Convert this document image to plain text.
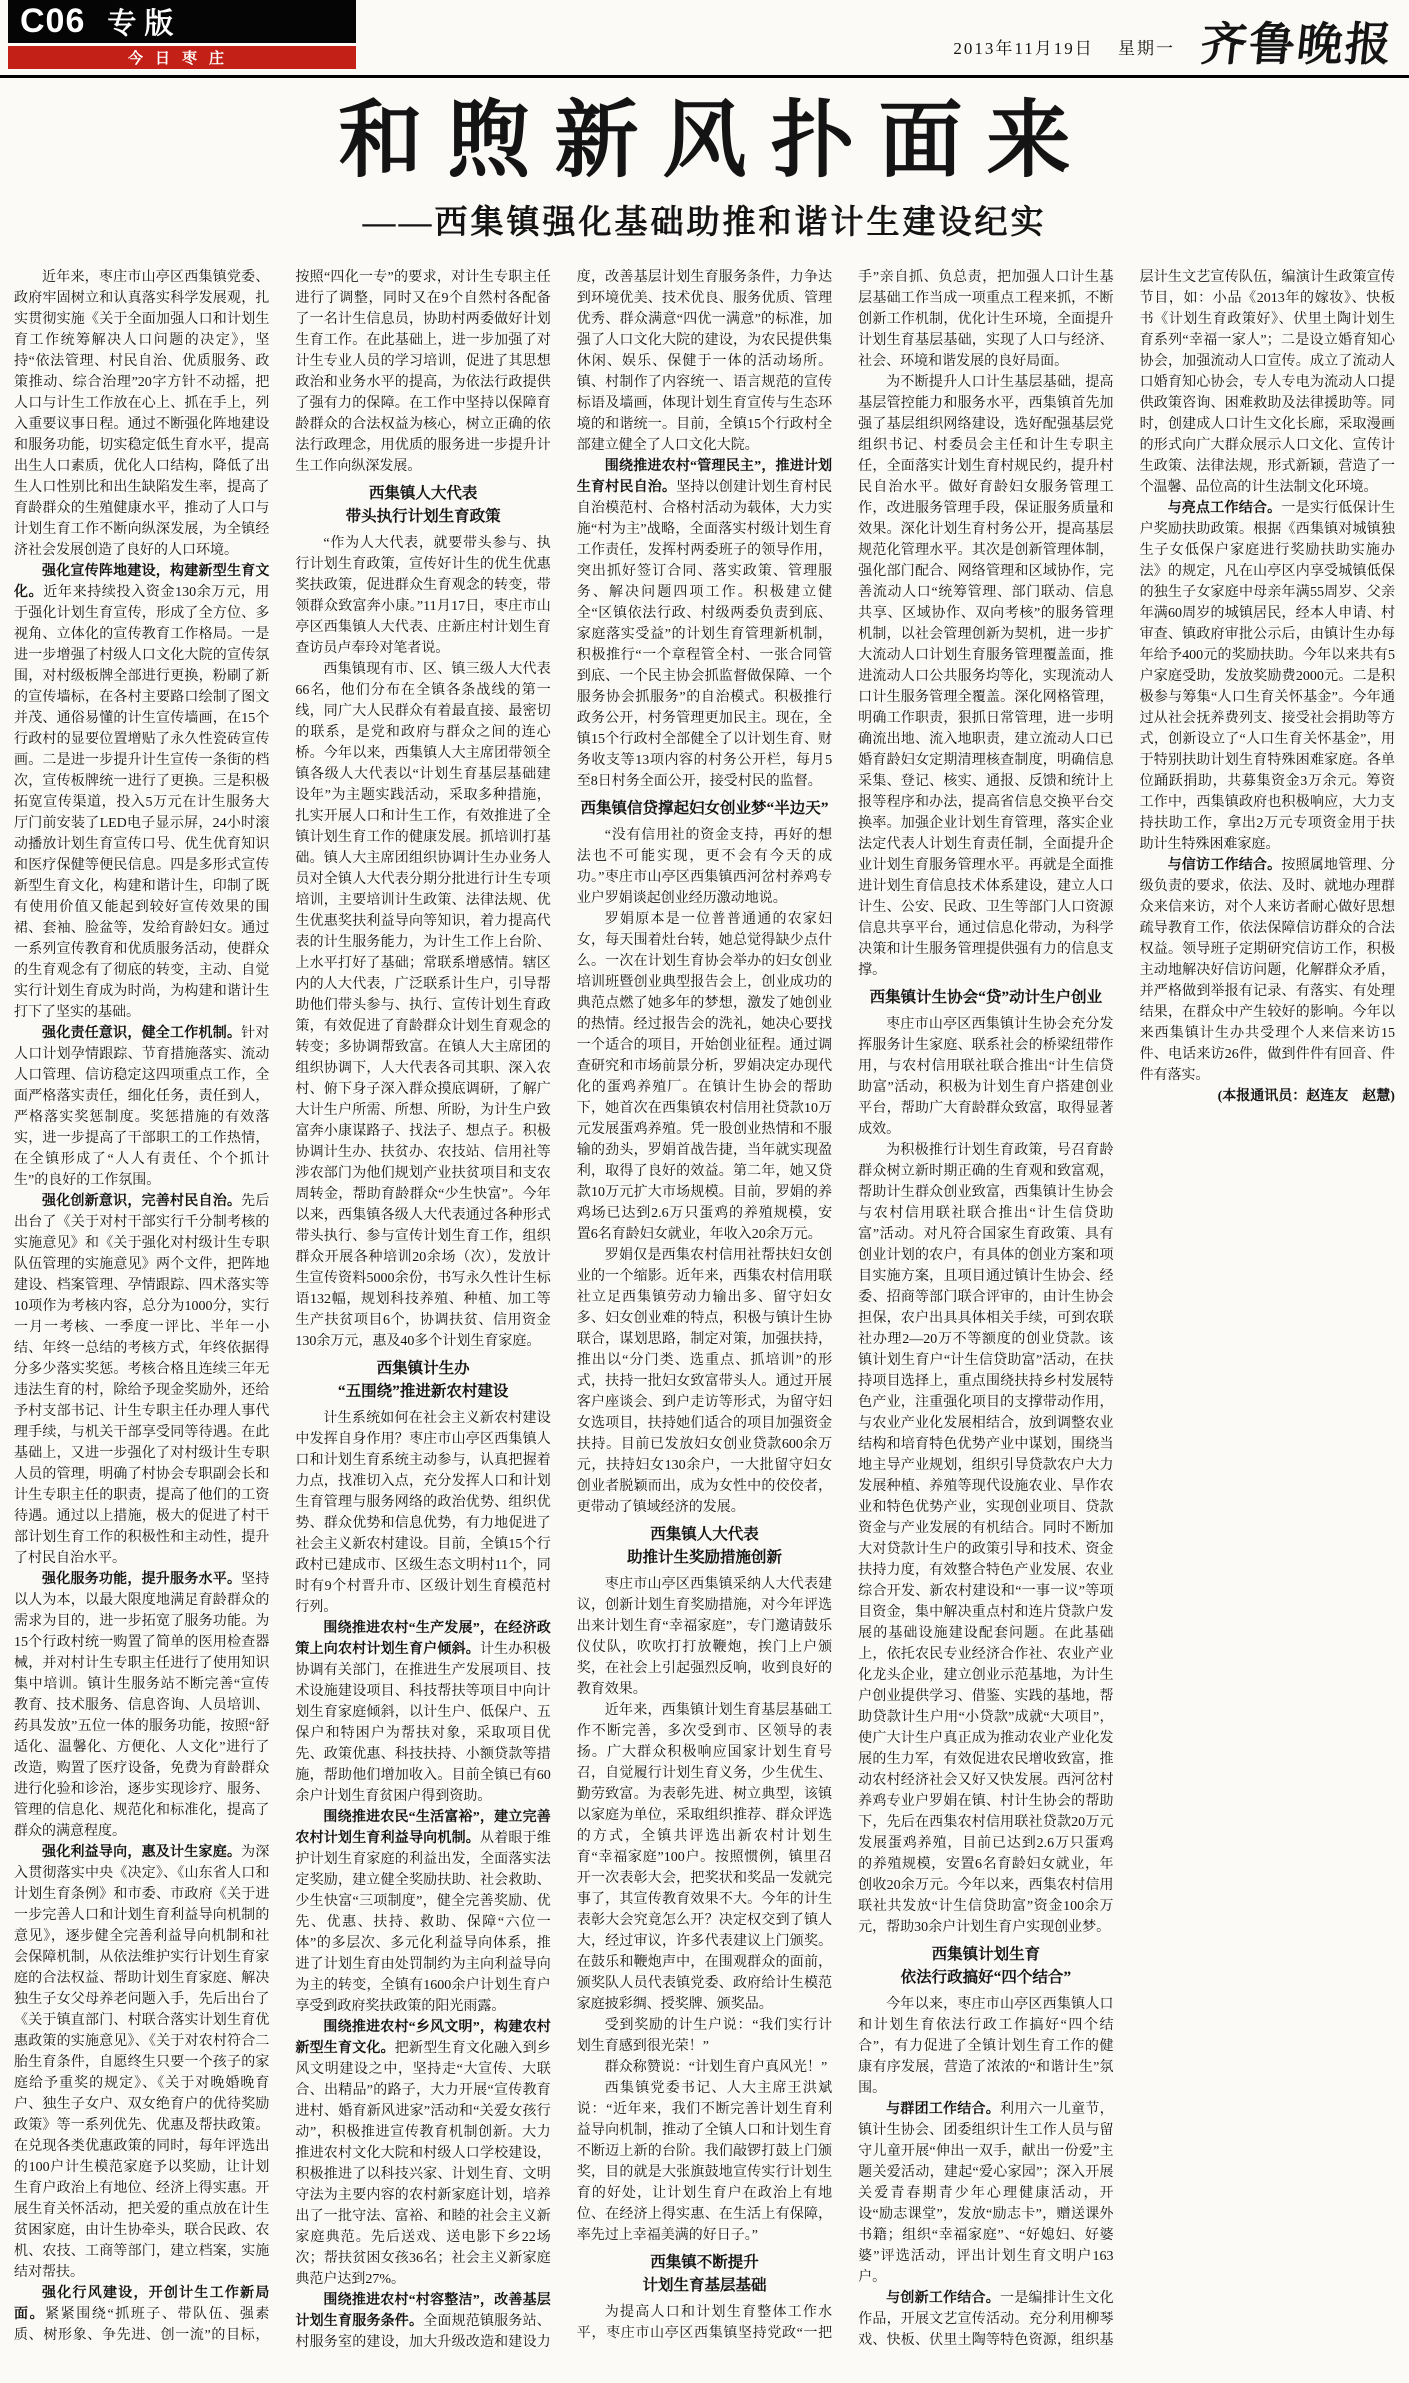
C06 专版
今日枣庄
2013年11月19日 星期一 齐鲁晚报
和煦新风扑面来
——西集镇强化基础助推和谐计生建设纪实

近年来，枣庄市山亭区西集镇党委、政府牢固树立和认真落实科学发展观，扎实贯彻实施《关于全面加强人口和计划生育工作统筹解决人口问题的决定》，坚持“依法管理、村民自治、优质服务、政策推动、综合治理”20字方针不动摇，把人口与计生工作放在心上、抓在手上，列入重要议事日程。通过不断强化阵地建设和服务功能，切实稳定低生育水平，提高出生人口素质，优化人口结构，降低了出生人口性别比和出生缺陷发生率，提高了育龄群众的生殖健康水平，推动了人口与计划生育工作不断向纵深发展，为全镇经济社会发展创造了良好的人口环境。

强化宣传阵地建设，构建新型生育文化。近年来持续投入资金130余万元，用于强化计划生育宣传，形成了全方位、多视角、立体化的宣传教育工作格局。一是进一步增强了村级人口文化大院的宣传氛围，对村级板牌全部进行更换，粉刷了新的宣传墙标，在各村主要路口绘制了图文并茂、通俗易懂的计生宣传墙画，在15个行政村的显要位置增贴了永久性瓷砖宣传画。二是进一步提升计生宣传一条街的档次，宣传板牌统一进行了更换。三是积极拓宽宣传渠道，投入5万元在计生服务大厅门前安装了LED电子显示屏，24小时滚动播放计划生育宣传口号、优生优育知识和医疗保健等便民信息。四是多形式宣传新型生育文化，构建和谐计生，印制了既有使用价值又能起到较好宣传效果的围裙、套袖、脸盆等，发给育龄妇女。通过一系列宣传教育和优质服务活动，使群众的生育观念有了彻底的转变，主动、自觉实行计划生育成为时尚，为构建和谐计生打下了坚实的基础。

强化责任意识，健全工作机制。针对人口计划孕情跟踪、节育措施落实、流动人口管理、信访稳定这四项重点工作，全面严格落实责任，细化任务，责任到人，严格落实奖惩制度。奖惩措施的有效落实，进一步提高了干部职工的工作热情，在全镇形成了“人人有责任、个个抓计生”的良好的工作氛围。

强化创新意识，完善村民自治。先后出台了《关于对村干部实行千分制考核的实施意见》和《关于强化对村级计生专职队伍管理的实施意见》两个文件，把阵地建设、档案管理、孕情跟踪、四术落实等10项作为考核内容，总分为1000分，实行一月一考核、一季度一评比、半年一小结、年终一总结的考核方式，年终依据得分多少落实奖惩。考核合格且连续三年无违法生育的村，除给予现金奖励外，还给予村支部书记、计生专职主任办理人事代理手续，与机关干部享受同等待遇。在此基础上，又进一步强化了对村级计生专职人员的管理，明确了村协会专职副会长和计生专职主任的职责，提高了他们的工资待遇。通过以上措施，极大的促进了村干部计划生育工作的积极性和主动性，提升了村民自治水平。

强化服务功能，提升服务水平。坚持以人为本，以最大限度地满足育龄群众的需求为目的，进一步拓宽了服务功能。为15个行政村统一购置了简单的医用检查器械，并对村计生专职主任进行了使用知识集中培训。镇计生服务站不断完善“宣传教育、技术服务、信息咨询、人员培训、药具发放”五位一体的服务功能，按照“舒适化、温馨化、方便化、人文化”进行了改造，购置了医疗设备，免费为育龄群众进行化验和诊治，逐步实现诊疗、服务、管理的信息化、规范化和标准化，提高了群众的满意程度。

强化利益导向，惠及计生家庭。为深入贯彻落实中央《决定》、《山东省人口和计划生育条例》和市委、市政府《关于进一步完善人口和计划生育利益导向机制的意见》，逐步健全完善利益导向机制和社会保障机制，从依法维护实行计划生育家庭的合法权益、帮助计划生育家庭、解决独生子女父母养老问题入手，先后出台了《关于镇直部门、村联合落实计划生育优惠政策的实施意见》、《关于对农村符合二胎生育条件，自愿终生只要一个孩子的家庭给予重奖的规定》、《关于对晚婚晚育户、独生子女户、双女绝育户的优待奖励政策》等一系列优先、优惠及帮扶政策。在兑现各类优惠政策的同时，每年评选出的100户计生模范家庭予以奖励，让计划生育户政治上有地位、经济上得实惠。开展生育关怀活动，把关爱的重点放在计生贫困家庭，由计生协牵头，联合民政、农机、农技、工商等部门，建立档案，实施结对帮扶。

强化行风建设，开创计生工作新局面。紧紧围绕“抓班子、带队伍、强素质、树形象、争先进、创一流”的目标，按照“四化一专”的要求，对计生专职主任进行了调整，同时又在9个自然村各配备了一名计生信息员，协助村两委做好计划生育工作。在此基础上，进一步加强了对计生专业人员的学习培训，促进了其思想政治和业务水平的提高，为依法行政提供了强有力的保障。在工作中坚持以保障育龄群众的合法权益为核心，树立正确的依法行政理念，用优质的服务进一步提升计生工作向纵深发展。

西集镇人大代表
带头执行计划生育政策

“作为人大代表，就要带头参与、执行计划生育政策，宣传好计生的优生优惠奖扶政策，促进群众生育观念的转变，带领群众致富奔小康。”11月17日，枣庄市山亭区西集镇人大代表、庄新庄村计划生育查访员卢奉玲对笔者说。

西集镇现有市、区、镇三级人大代表66名，他们分布在全镇各条战线的第一线，同广大人民群众有着最直接、最密切的联系，是党和政府与群众之间的连心桥。今年以来，西集镇人大主席团带领全镇各级人大代表以“计划生育基层基础建设年”为主题实践活动，采取多种措施，扎实开展人口和计生工作，有效推进了全镇计划生育工作的健康发展。抓培训打基础。镇人大主席团组织协调计生办业务人员对全镇人大代表分期分批进行计生专项培训，主要培训计生政策、法律法规、优生优惠奖扶利益导向等知识，着力提高代表的计生服务能力，为计生工作上台阶、上水平打好了基础；常联系增感情。辖区内的人大代表，广泛联系计生户，引导帮助他们带头参与、执行、宣传计划生育政策，有效促进了育龄群众计划生育观念的转变；多协调帮致富。在镇人大主席团的组织协调下，人大代表各司其职、深入农村、俯下身子深入群众摸底调研，了解广大计生户所需、所想、所盼，为计生户致富奔小康谋路子、找法子、想点子。积极协调计生办、扶贫办、农技站、信用社等涉农部门为他们规划产业扶贫项目和支农周转金，帮助育龄群众“少生快富”。今年以来，西集镇各级人大代表通过各种形式带头执行、参与宣传计划生育工作，组织群众开展各种培训20余场（次），发放计生宣传资料5000余份，书写永久性计生标语132幅，规划科技养殖、种植、加工等生产扶贫项目6个，协调扶贫、信用资金130余万元，惠及40多个计划生育家庭。

西集镇计生办
“五围绕”推进新农村建设

计生系统如何在社会主义新农村建设中发挥自身作用？枣庄市山亭区西集镇人口和计划生育系统主动参与，认真把握着力点，找准切入点，充分发挥人口和计划生育管理与服务网络的政治优势、组织优势、群众优势和信息优势，有力地促进了社会主义新农村建设。目前，全镇15个行政村已建成市、区级生态文明村11个，同时有9个村晋升市、区级计划生育模范村行列。

围绕推进农村“生产发展”，在经济政策上向农村计划生育户倾斜。计生办积极协调有关部门，在推进生产发展项目、技术设施建设项目、科技帮扶等项目中向计划生育家庭倾斜，以计生户、低保户、五保户和特困户为帮扶对象，采取项目优先、政策优惠、科技扶持、小额贷款等措施，帮助他们增加收入。目前全镇已有60余户计划生育贫困户得到资助。

围绕推进农民“生活富裕”，建立完善农村计划生育利益导向机制。从着眼于维护计划生育家庭的利益出发，全面落实法定奖励，建立健全奖励扶助、社会救助、少生快富“三项制度”，健全完善奖励、优先、优惠、扶持、救助、保障“六位一体”的多层次、多元化利益导向体系，推进了计划生育由处罚制约为主向利益导向为主的转变，全镇有1600余户计划生育户享受到政府奖扶政策的阳光雨露。

围绕推进农村“乡风文明”，构建农村新型生育文化。把新型生育文化融入到乡风文明建设之中，坚持走“大宣传、大联合、出精品”的路子，大力开展“宣传教育进村、婚育新风进家”活动和“关爱女孩行动”，积极推进宣传教育机制创新。大力推进农村文化大院和村级人口学校建设，积极推进了以科技兴家、计划生育、文明守法为主要内容的农村新家庭计划，培养出了一批守法、富裕、和睦的社会主义新家庭典范。先后送戏、送电影下乡22场次；帮扶贫困女孩36名；社会主义新家庭典范户达到27%。

围绕推进农村“村容整洁”，改善基层计划生育服务条件。全面规范镇服务站、村服务室的建设，加大升级改造和建设力度，改善基层计划生育服务条件，力争达到环境优美、技术优良、服务优质、管理优秀、群众满意“四优一满意”的标准，加强了人口文化大院的建设，为农民提供集休闲、娱乐、保健于一体的活动场所。镇、村制作了内容统一、语言规范的宣传标语及墙画，体现计划生育宣传与生态环境的和谐统一。目前，全镇15个行政村全部建立健全了人口文化大院。

围绕推进农村“管理民主”，推进计划生育村民自治。坚持以创建计划生育村民自治模范村、合格村活动为载体，大力实施“村为主”战略，全面落实村级计划生育工作责任，发挥村两委班子的领导作用，突出抓好签订合同、落实政策、管理服务、解决问题四项工作。积极建立健全“区镇依法行政、村级两委负责到底、家庭落实受益”的计划生育管理新机制，积极推行“一个章程管全村、一张合同管到底、一个民主协会抓监督做保障、一个服务协会抓服务”的自治模式。积极推行政务公开，村务管理更加民主。现在，全镇15个行政村全部健全了以计划生育、财务收支等13项内容的村务公开栏，每月5至8日村务全面公开，接受村民的监督。

西集镇信贷撑起妇女创业梦“半边天”

“没有信用社的资金支持，再好的想法也不可能实现，更不会有今天的成功。”枣庄市山亭区西集镇西河岔村养鸡专业户罗娟谈起创业经历激动地说。

罗娟原本是一位普普通通的农家妇女，每天围着灶台转，她总觉得缺少点什么。一次在计划生育协会举办的妇女创业培训班暨创业典型报告会上，创业成功的典范点燃了她多年的梦想，激发了她创业的热情。经过报告会的洗礼，她决心要找一个适合的项目，开始创业征程。通过调查研究和市场前景分析，罗娟决定办现代化的蛋鸡养殖厂。在镇计生协会的帮助下，她首次在西集镇农村信用社贷款10万元发展蛋鸡养殖。凭一股创业热情和不服输的劲头，罗娟首战告捷，当年就实现盈利，取得了良好的效益。第二年，她又贷款10万元扩大市场规模。目前，罗娟的养鸡场已达到2.6万只蛋鸡的养殖规模，安置6名育龄妇女就业，年收入20余万元。

罗娟仅是西集农村信用社帮扶妇女创业的一个缩影。近年来，西集农村信用联社立足西集镇劳动力输出多、留守妇女多、妇女创业难的特点，积极与镇计生协联合，谋划思路，制定对策，加强扶持，推出以“分门类、选重点、抓培训”的形式，扶持一批妇女致富带头人。通过开展客户座谈会、到户走访等形式，为留守妇女选项目，扶持她们适合的项目加强资金扶持。目前已发放妇女创业贷款600余万元，扶持妇女130余户，一大批留守妇女创业者脱颖而出，成为女性中的佼佼者，更带动了镇域经济的发展。

西集镇人大代表
助推计生奖励措施创新

枣庄市山亭区西集镇采纳人大代表建议，创新计划生育奖励措施，对今年评选出来计划生育“幸福家庭”，专门邀请鼓乐仪仗队，吹吹打打放鞭炮，挨门上户颁奖，在社会上引起强烈反响，收到良好的教育效果。

近年来，西集镇计划生育基层基础工作不断完善，多次受到市、区领导的表扬。广大群众积极响应国家计划生育号召，自觉履行计划生育义务，少生优生、勤劳致富。为表彰先进、树立典型，该镇以家庭为单位，采取组织推荐、群众评选的方式，全镇共评选出新农村计划生育“幸福家庭”100户。按照惯例，镇里召开一次表彰大会，把奖状和奖品一发就完事了，其宣传教育效果不大。今年的计生表彰大会究竟怎么开？决定权交到了镇人大，经过审议，许多代表建议上门颁奖。在鼓乐和鞭炮声中，在围观群众的面前，颁奖队人员代表镇党委、政府给计生模范家庭披彩绸、授奖牌、颁奖品。

受到奖励的计生户说：“我们实行计划生育感到很光荣！”

群众称赞说：“计划生育户真风光！”

西集镇党委书记、人大主席王洪斌说：“近年来，我们不断完善计划生育利益导向机制，推动了全镇人口和计划生育不断迈上新的台阶。我们敲锣打鼓上门颁奖，目的就是大张旗鼓地宣传实行计划生育的好处，让计划生育户在政治上有地位、在经济上得实惠、在生活上有保障，率先过上幸福美满的好日子。”

西集镇不断提升
计划生育基层基础

为提高人口和计划生育整体工作水平，枣庄市山亭区西集镇坚持党政“一把手”亲自抓、负总责，把加强人口计生基层基础工作当成一项重点工程来抓，不断创新工作机制，优化计生环境，全面提升计划生育基层基础，实现了人口与经济、社会、环境和谐发展的良好局面。

为不断提升人口计生基层基础，提高基层管控能力和服务水平，西集镇首先加强了基层组织网络建设，选好配强基层党组织书记、村委员会主任和计生专职主任，全面落实计划生育村规民约，提升村民自治水平。做好育龄妇女服务管理工作，改进服务管理手段，保证服务质量和效果。深化计划生育村务公开，提高基层规范化管理水平。其次是创新管理体制，强化部门配合、网络管理和区域协作，完善流动人口“统筹管理、部门联动、信息共享、区域协作、双向考核”的服务管理机制，以社会管理创新为契机，进一步扩大流动人口计划生育服务管理覆盖面，推进流动人口公共服务均等化，实现流动人口计生服务管理全覆盖。深化网格管理，明确工作职责，狠抓日常管理，进一步明确流出地、流入地职责，建立流动人口已婚育龄妇女定期清理核查制度，明确信息采集、登记、核实、通报、反馈和统计上报等程序和办法，提高省信息交换平台交换率。加强企业计划生育管理，落实企业法定代表人计划生育责任制，全面提升企业计划生育服务管理水平。再就是全面推进计划生育信息技术体系建设，建立人口计生、公安、民政、卫生等部门人口资源信息共享平台，通过信息化带动，为科学决策和计生服务管理提供强有力的信息支撑。

西集镇计生协会“贷”动计生户创业

枣庄市山亭区西集镇计生协会充分发挥服务计生家庭、联系社会的桥梁纽带作用，与农村信用联社联合推出“计生信贷助富”活动，积极为计划生育户搭建创业平台，帮助广大育龄群众致富，取得显著成效。

为积极推行计划生育政策，号召育龄群众树立新时期正确的生育观和致富观，帮助计生群众创业致富，西集镇计生协会与农村信用联社联合推出“计生信贷助富”活动。对凡符合国家生育政策、具有创业计划的农户，有具体的创业方案和项目实施方案，且项目通过镇计生协会、经委、招商等部门联合评审的，由计生协会担保，农户出具具体相关手续，可到农联社办理2—20万不等额度的创业贷款。该镇计划生育户“计生信贷助富”活动，在扶持项目选择上，重点围绕扶持乡村发展特色产业，注重强化项目的支撑带动作用，与农业产业化发展相结合，放到调整农业结构和培育特色优势产业中谋划，围绕当地主导产业规划，组织引导贷款农户大力发展种植、养殖等现代设施农业、旱作农业和特色优势产业，实现创业项目、贷款资金与产业发展的有机结合。同时不断加大对贷款计生户的政策引导和技术、资金扶持力度，有效整合特色产业发展、农业综合开发、新农村建设和“一事一议”等项目资金，集中解决重点村和连片贷款户发展的基础设施建设配套问题。在此基础上，依托农民专业经济合作社、农业产业化龙头企业，建立创业示范基地，为计生户创业提供学习、借鉴、实践的基地，帮助贷款计生户用“小贷款”成就“大项目”，使广大计生户真正成为推动农业产业化发展的生力军，有效促进农民增收致富，推动农村经济社会又好又快发展。西河岔村养鸡专业户罗娟在镇、村计生协会的帮助下，先后在西集农村信用联社贷款20万元发展蛋鸡养殖，目前已达到2.6万只蛋鸡的养殖规模，安置6名育龄妇女就业，年创收20余万元。今年以来，西集农村信用联社共发放“计生信贷助富”资金100余万元，帮助30余户计划生育户实现创业梦。

西集镇计划生育
依法行政搞好“四个结合”

今年以来，枣庄市山亭区西集镇人口和计划生育依法行政工作搞好“四个结合”，有力促进了全镇计划生育工作的健康有序发展，营造了浓浓的“和谐计生”氛围。

与群团工作结合。利用六一儿童节，镇计生协会、团委组织计生工作人员与留守儿童开展“伸出一双手，献出一份爱”主题关爱活动，建起“爱心家园”；深入开展关爱青春期青少年心理健康活动，开设“励志课堂”，发放“励志卡”，赠送课外书籍；组织“幸福家庭”、“好媳妇、好婆婆”评选活动，评出计划生育文明户163户。

与创新工作结合。一是编排计生文化作品，开展文艺宣传活动。充分利用柳琴戏、快板、伏里土陶等特色资源，组织基层计生文艺宣传队伍，编演计生政策宣传节目，如：小品《2013年的嫁妆》、快板书《计划生育政策好》、伏里土陶计划生育系列“幸福一家人”；二是设立婚育知心协会，加强流动人口宣传。成立了流动人口婚育知心协会，专人专电为流动人口提供政策咨询、困难救助及法律援助等。同时，创建成人口计生文化长廊，采取漫画的形式向广大群众展示人口文化、宣传计生政策、法律法规，形式新颖，营造了一个温馨、品位高的计生法制文化环境。

与亮点工作结合。一是实行低保计生户奖励扶助政策。根据《西集镇对城镇独生子女低保户家庭进行奖励扶助实施办法》的规定，凡在山亭区内享受城镇低保的独生子女家庭中母亲年满55周岁、父亲年满60周岁的城镇居民，经本人申请、村审查、镇政府审批公示后，由镇计生办每年给予400元的奖励扶助。今年以来共有5户家庭受助，发放奖励费2000元。二是积极参与筹集“人口生育关怀基金”。今年通过从社会抚养费列支、接受社会捐助等方式，创新设立了“人口生育关怀基金”，用于特别扶助计划生育特殊困难家庭。各单位踊跃捐助，共募集资金3万余元。筹资工作中，西集镇政府也积极响应，大力支持扶助工作，拿出2万元专项资金用于扶助计生特殊困难家庭。

与信访工作结合。按照属地管理、分级负责的要求，依法、及时、就地办理群众来信来访，对个人来访者耐心做好思想疏导教育工作，依法保障信访群众的合法权益。领导班子定期研究信访工作，积极主动地解决好信访问题，化解群众矛盾，并严格做到举报有记录、有落实、有处理结果，在群众中产生较好的影响。今年以来西集镇计生办共受理个人来信来访15件、电话来访26件，做到件件有回音、件件有落实。

(本报通讯员：赵连友　赵慧)
